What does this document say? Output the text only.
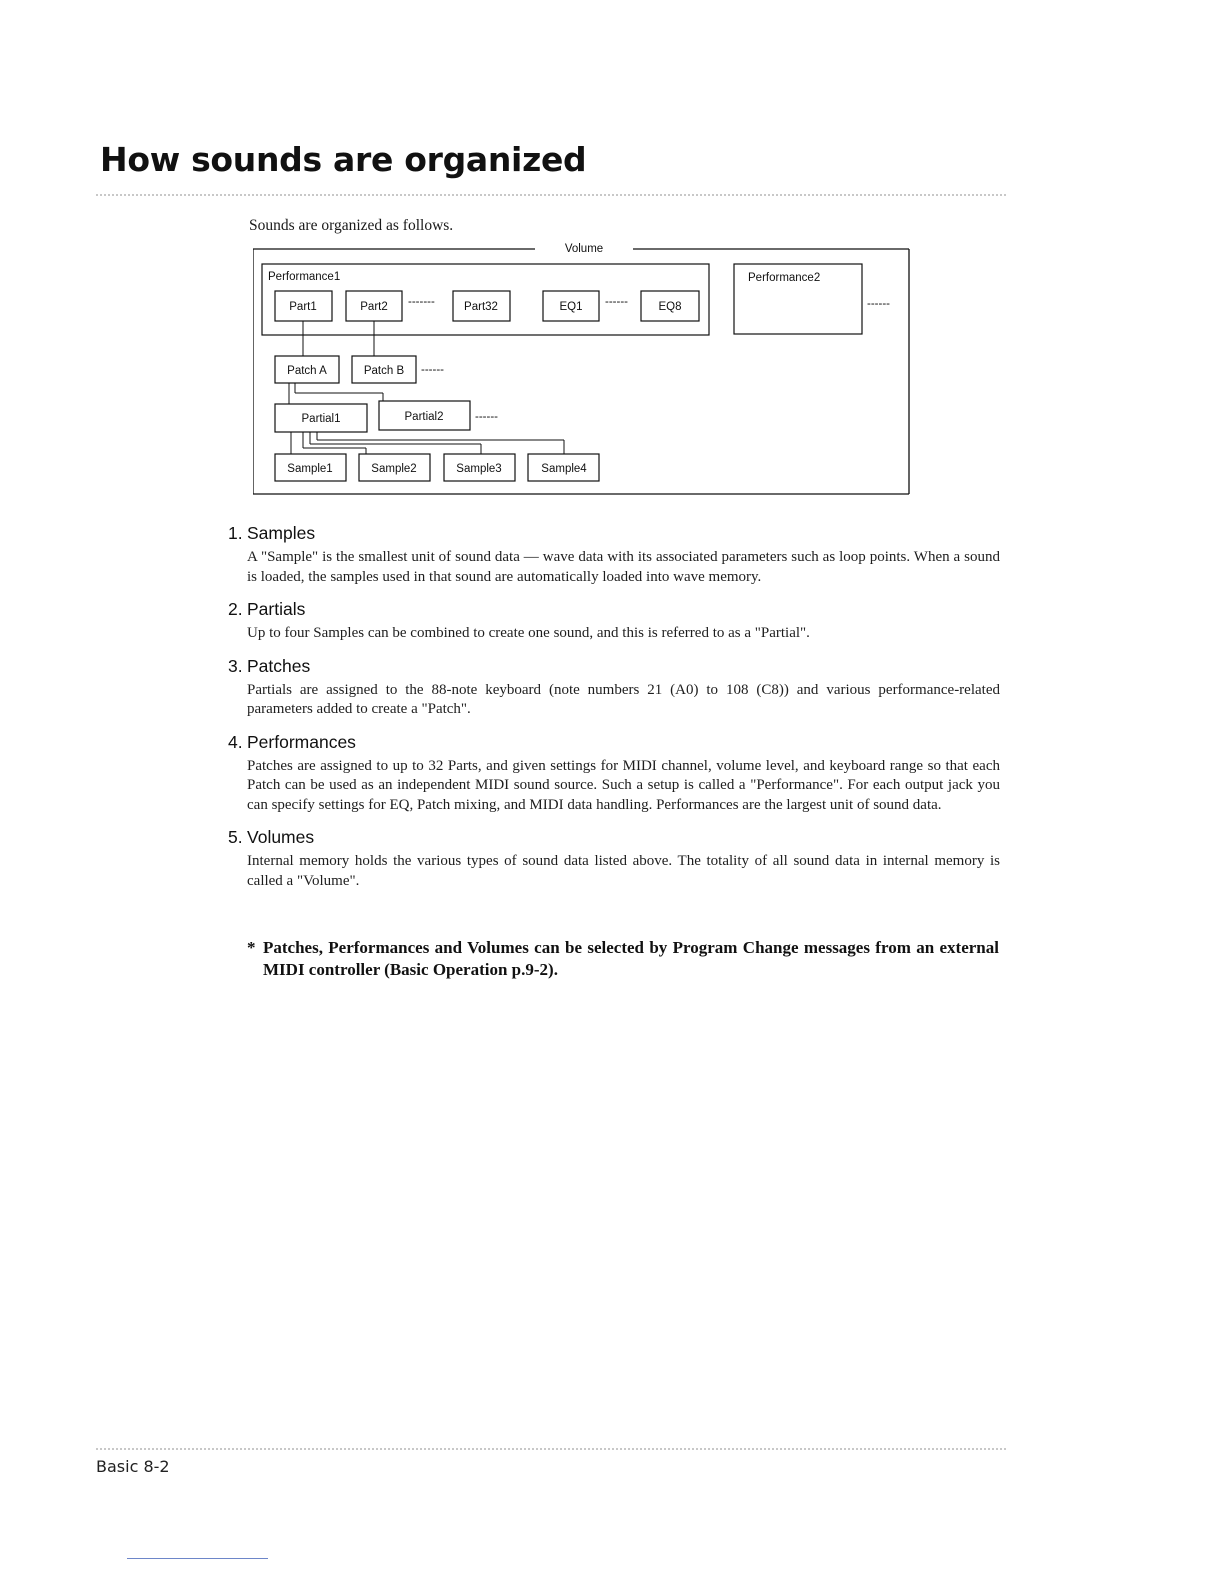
How sounds are organized

Sounds are organized as follows.

Volume
Performance1
Part1	Part2 -------	Part32	EQ1 ------	EQ8
Performance2
------
Patch A	Patch B ------
Partial1	Partial2	------
Sample1	Sample2	Sample3	Sample4
1. Samples

A "Sample" is the smallest unit of sound data — wave data with its associated parameters such as loop points. When a sound is loaded, the samples used in that sound are automatically loaded into wave memory.

2. Partials

Up to four Samples can be combined to create one sound, and this is referred to as a "Partial".

3. Patches

Partials are assigned to the 88-note keyboard (note numbers 21 (A0) to 108 (C8)) and various performance-related parameters added to create a "Patch".

4. Performances

Patches are assigned to up to 32 Parts, and given settings for MIDI channel, volume level, and keyboard range so that each Patch can be used as an independent MIDI sound source. Such a setup is called a "Performance". For each output jack you can specify settings for EQ, Patch mixing, and MIDI data handling. Performances are the largest unit of sound data.

5. Volumes

Internal memory holds the various types of sound data listed above. The totality of all sound data in internal memory is called a "Volume".

* Patches, Performances and Volumes can be selected by Program Change messages from an external MIDI controller (Basic Operation p.9-2).
Basic 8-2
